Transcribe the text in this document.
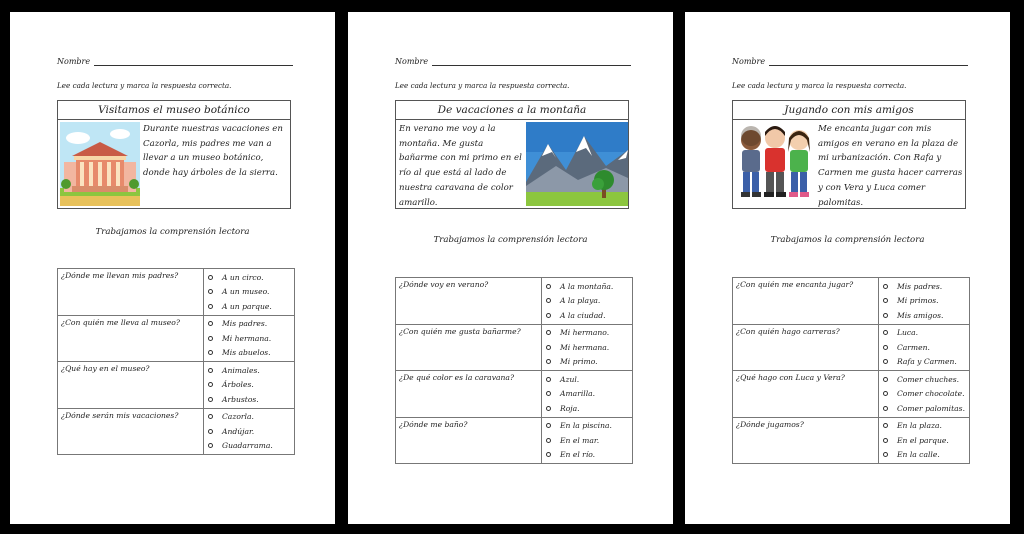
Nombre
Lee cada lectura y marca la respuesta correcta.
Visitamos el museo botánico
Durante nuestras vacaciones en Cazorla, mis padres me van a llevar a un museo botánico, donde hay árboles de la sierra.
Trabajamos la comprensión lectora
¿Dónde me llevan mis padres?	A un circo.
A un museo.
A un parque.

¿Con quién me lleva al museo?	Mis padres.
Mi hermana.
Mis abuelos.

¿Qué hay en el museo?	Animales.
Árboles.
Arbustos.

¿Dónde serán mis vacaciones?	Cazorla.
Andújar.
Guadarrama.
Nombre
Lee cada lectura y marca la respuesta correcta.
De vacaciones a la montaña
En verano me voy a la montaña. Me gusta bañarme con mi primo en el río al que está al lado de nuestra caravana de color amarillo.
Trabajamos la comprensión lectora
¿Dónde voy en verano?	A la montaña.
A la playa.
A la ciudad.

¿Con quién me gusta bañarme?	Mi hermano.
Mi hermana.
Mi primo.

¿De qué color es la caravana?	Azul.
Amarilla.
Roja.

¿Dónde me baño?	En la piscina.
En el mar.
En el río.
Nombre
Lee cada lectura y marca la respuesta correcta.
Jugando con mis amigos
Me encanta jugar con mis amigos en verano en la plaza de mi urbanización. Con Rafa y Carmen me gusta hacer carreras y con Vera y Luca comer palomitas.
Trabajamos la comprensión lectora
¿Con quién me encanta jugar?	Mis padres.
Mi primos.
Mis amigos.

¿Con quién hago carreras?	Luca.
Carmen.
Rafa y Carmen.

¿Qué hago con Luca y Vera?	Comer chuches.
Comer chocolate.
Comer palomitas.

¿Dónde jugamos?	En la plaza.
En el parque.
En la calle.
